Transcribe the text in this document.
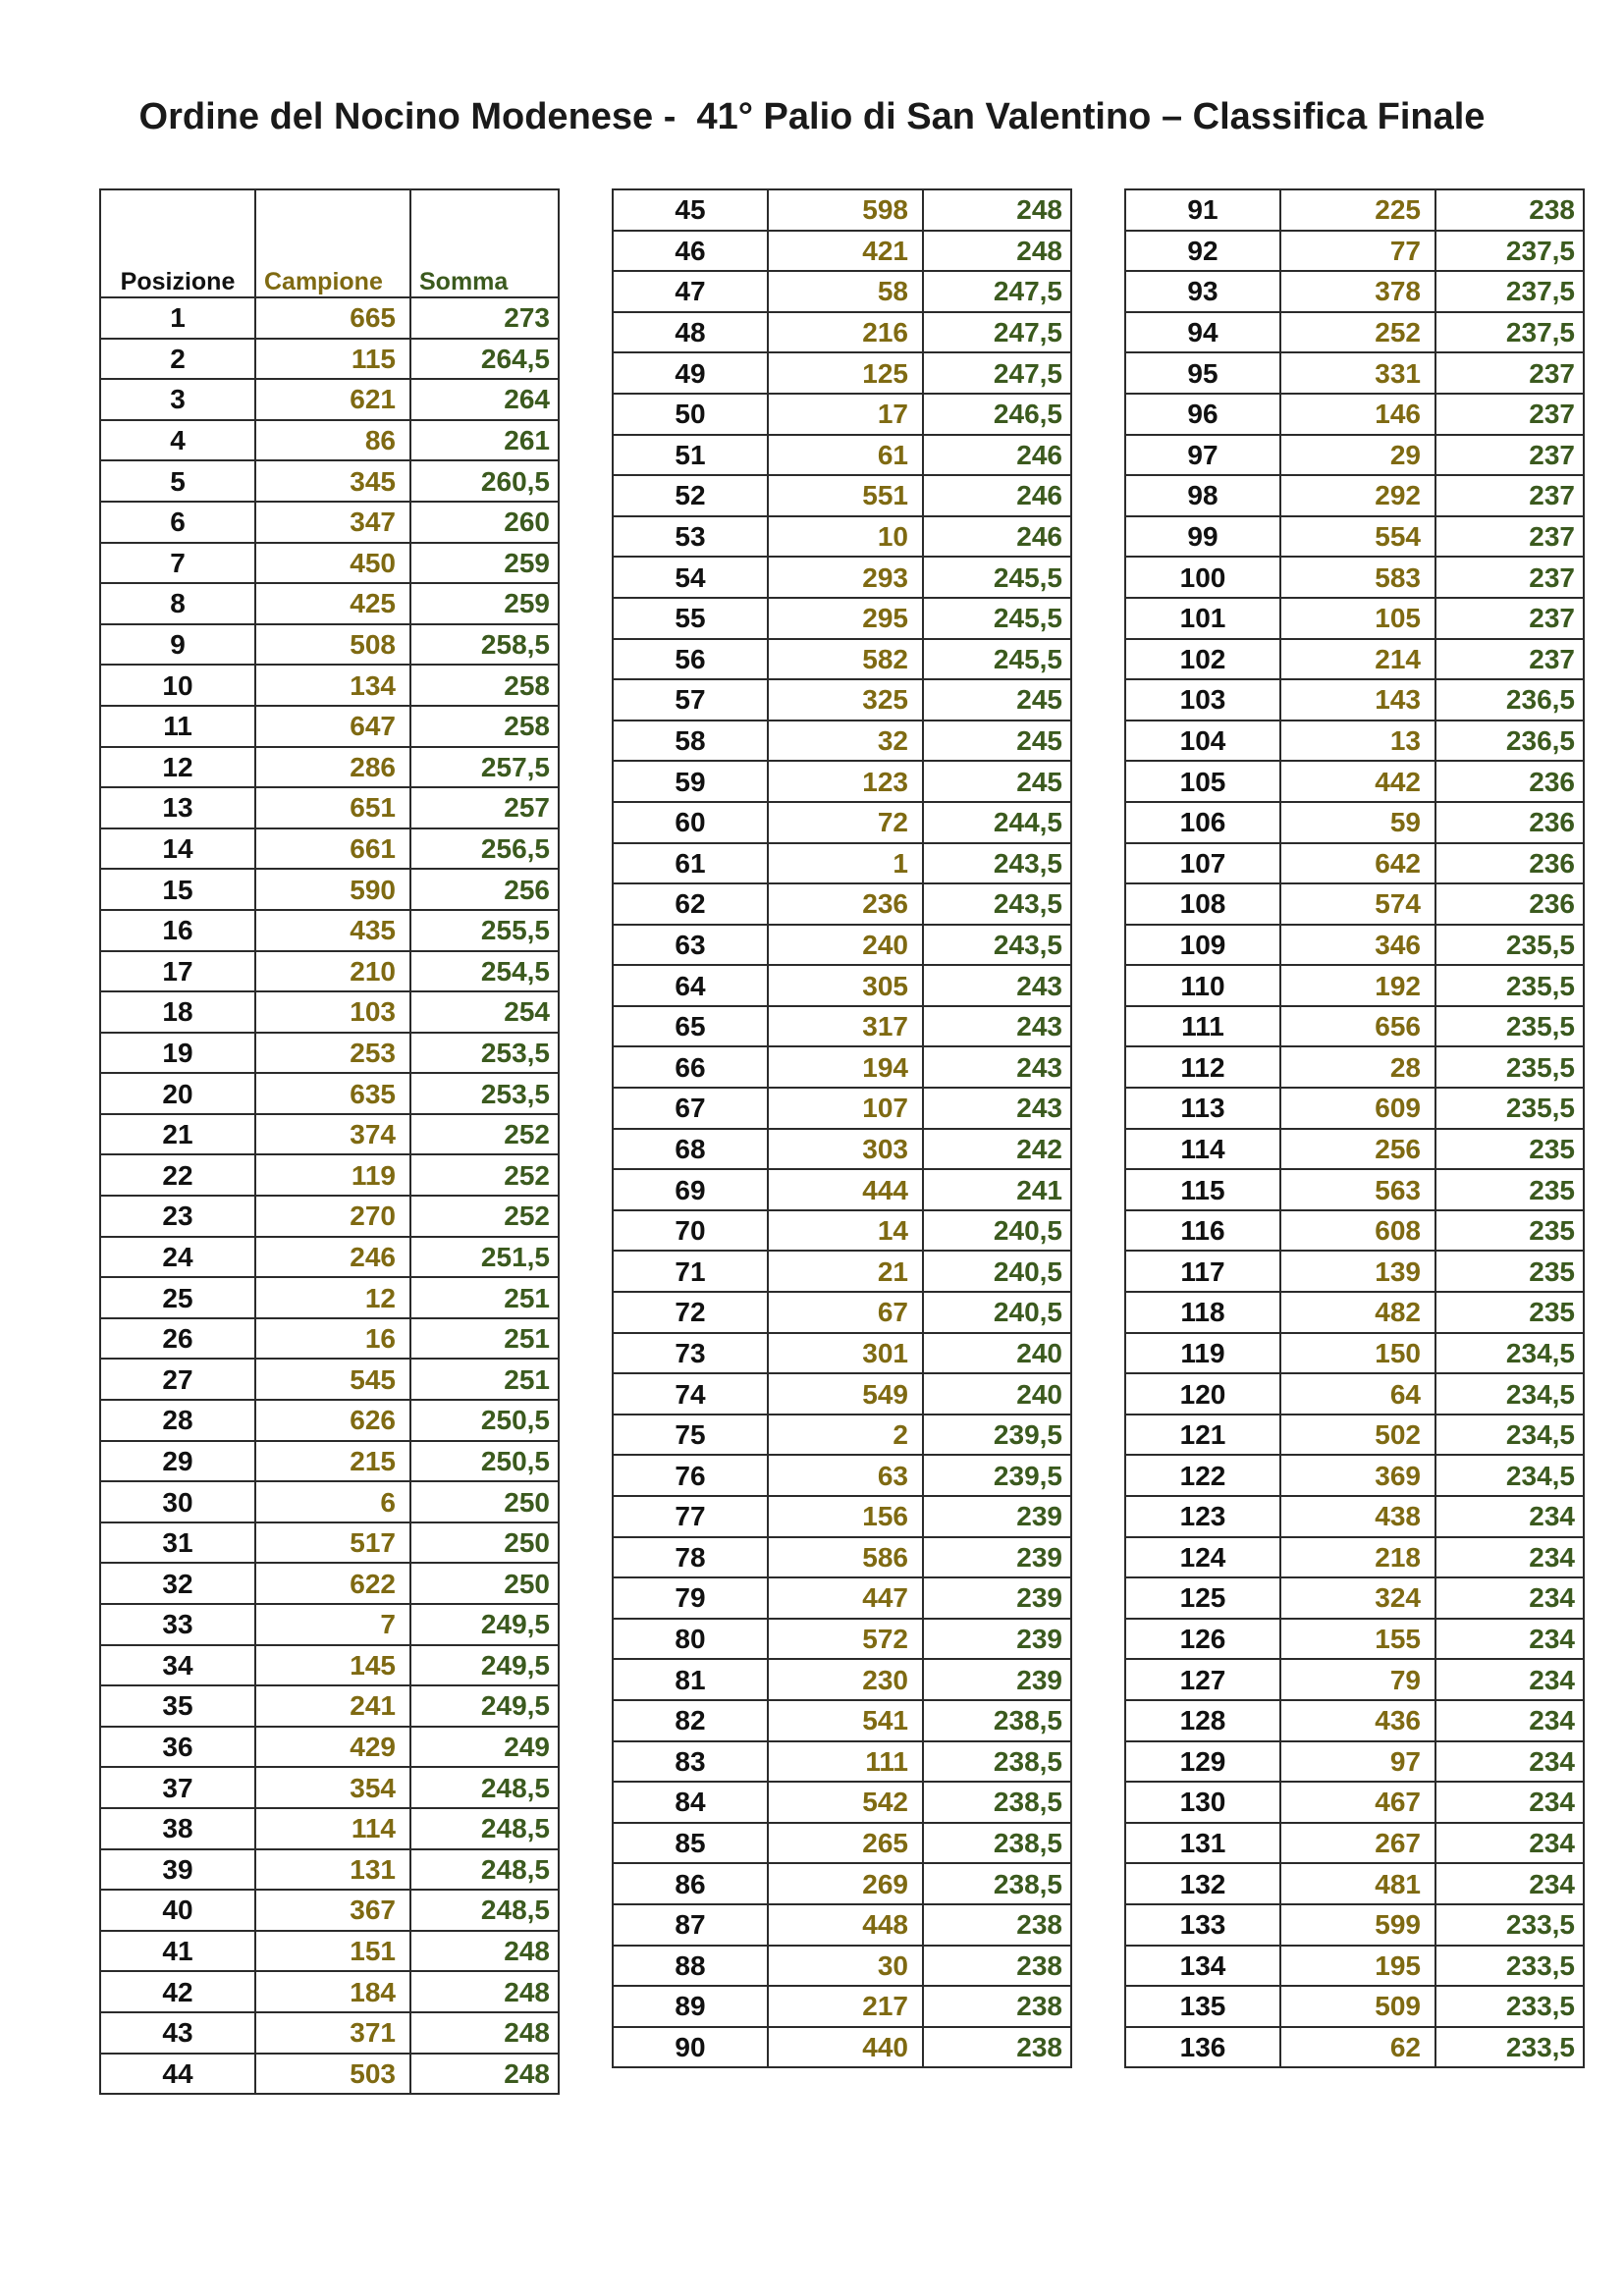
Ordine del Nocino Modenese -  41° Palio di San Valentino – Classifica Finale
Posizione	Campione	Somma
1	665	273
2	115	264,5
3	621	264
4	86	261
5	345	260,5
6	347	260
7	450	259
8	425	259
9	508	258,5
10	134	258
11	647	258
12	286	257,5
13	651	257
14	661	256,5
15	590	256
16	435	255,5
17	210	254,5
18	103	254
19	253	253,5
20	635	253,5
21	374	252
22	119	252
23	270	252
24	246	251,5
25	12	251
26	16	251
27	545	251
28	626	250,5
29	215	250,5
30	6	250
31	517	250
32	622	250
33	7	249,5
34	145	249,5
35	241	249,5
36	429	249
37	354	248,5
38	114	248,5
39	131	248,5
40	367	248,5
41	151	248
42	184	248
43	371	248
44	503	248
45	598	248
46	421	248
47	58	247,5
48	216	247,5
49	125	247,5
50	17	246,5
51	61	246
52	551	246
53	10	246
54	293	245,5
55	295	245,5
56	582	245,5
57	325	245
58	32	245
59	123	245
60	72	244,5
61	1	243,5
62	236	243,5
63	240	243,5
64	305	243
65	317	243
66	194	243
67	107	243
68	303	242
69	444	241
70	14	240,5
71	21	240,5
72	67	240,5
73	301	240
74	549	240
75	2	239,5
76	63	239,5
77	156	239
78	586	239
79	447	239
80	572	239
81	230	239
82	541	238,5
83	111	238,5
84	542	238,5
85	265	238,5
86	269	238,5
87	448	238
88	30	238
89	217	238
90	440	238
91	225	238
92	77	237,5
93	378	237,5
94	252	237,5
95	331	237
96	146	237
97	29	237
98	292	237
99	554	237
100	583	237
101	105	237
102	214	237
103	143	236,5
104	13	236,5
105	442	236
106	59	236
107	642	236
108	574	236
109	346	235,5
110	192	235,5
111	656	235,5
112	28	235,5
113	609	235,5
114	256	235
115	563	235
116	608	235
117	139	235
118	482	235
119	150	234,5
120	64	234,5
121	502	234,5
122	369	234,5
123	438	234
124	218	234
125	324	234
126	155	234
127	79	234
128	436	234
129	97	234
130	467	234
131	267	234
132	481	234
133	599	233,5
134	195	233,5
135	509	233,5
136	62	233,5
